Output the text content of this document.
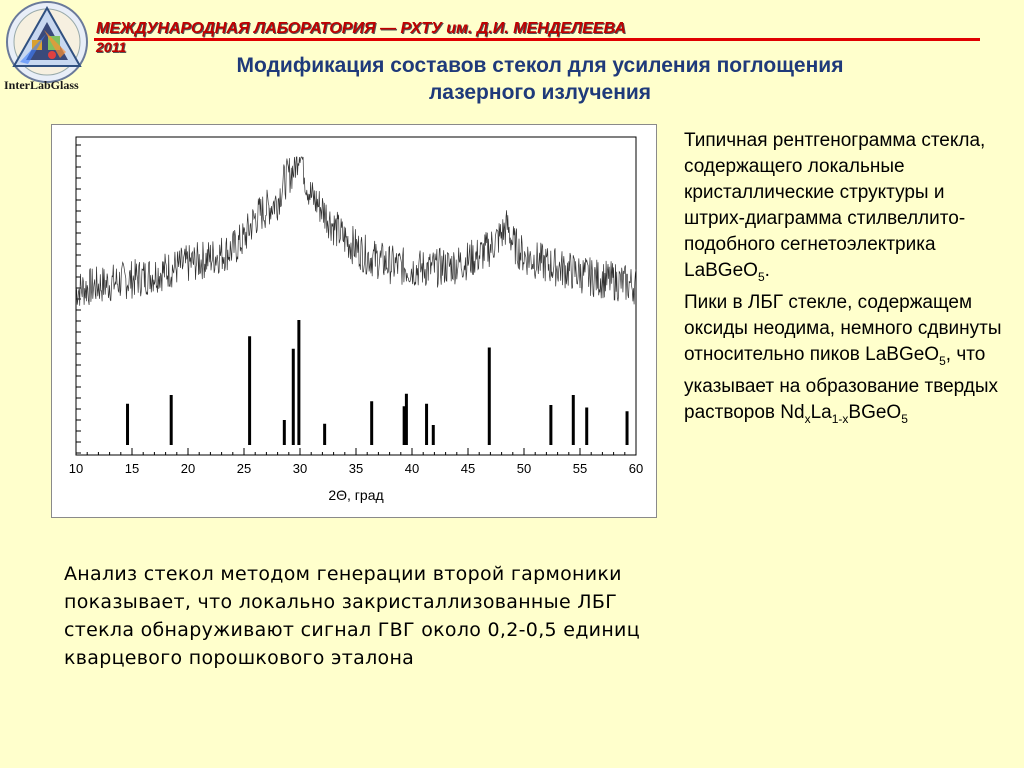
InterLabGlass
МЕЖДУНАРОДНАЯ ЛАБОРАТОРИЯ — РХТУ им. Д.И. МЕНДЕЛЕЕВА
2011
Модификация составов стекол для усиления поглощения
лазерного излучения
10	15	20	25	30	35	40	45	50	55	60
2Θ, град
Типичная рентгенограмма стекла, содержащего локальные кристаллические структуры и штрих-диаграмма стилвеллито-подобного сегнетоэлектрика LaBGeO$_5$.
Пики в ЛБГ стекле, содержащем оксиды неодима, немного сдвинуты относительно пиков LaBGeO$_5$, что указывает на образование твердых растворов $Nd_xLa_{1-x}BGeO_5$
Анализ стекол методом генерации второй гармоники показывает, что локально закристаллизованные ЛБГ стекла обнаруживают сигнал ГВГ около 0,2-0,5 единиц кварцевого порошкового эталона
